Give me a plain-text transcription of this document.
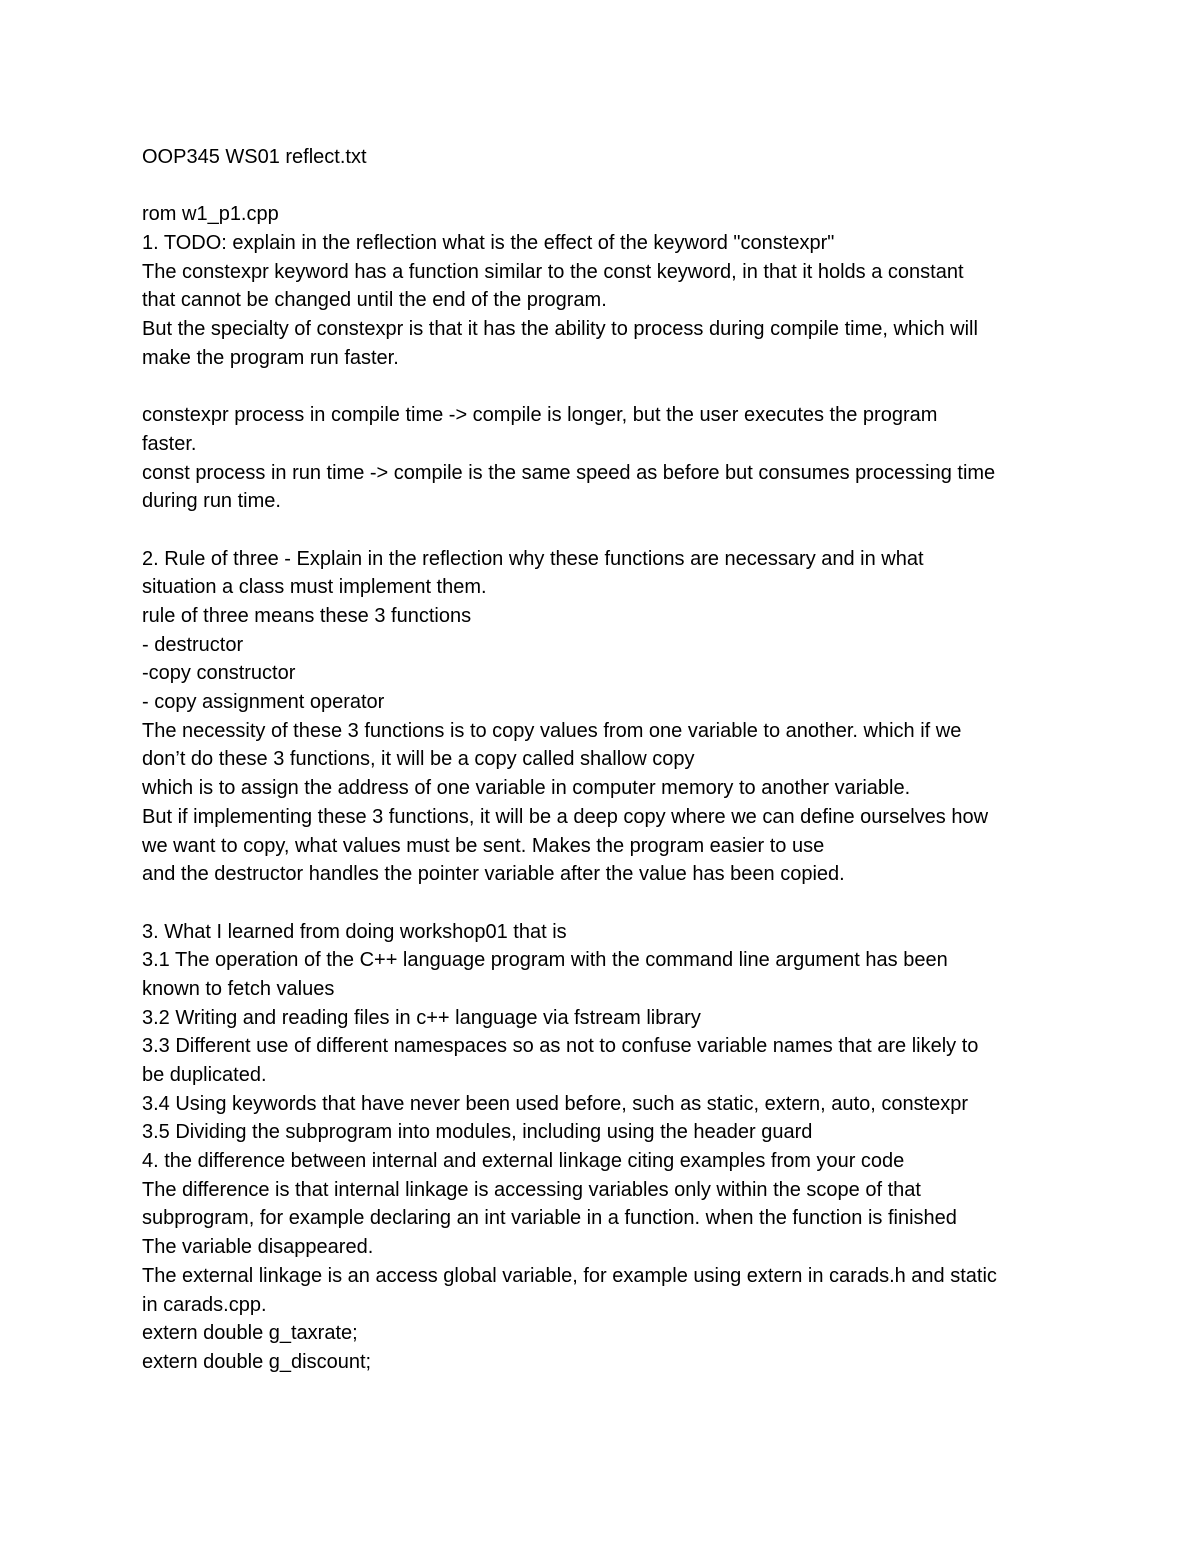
OOP345 WS01 reflect.txt
rom w1_p1.cpp
1. TODO: explain in the reflection what is the effect of the keyword "constexpr"
The constexpr keyword has a function similar to the const keyword, in that it holds a constant
that cannot be changed until the end of the program.
But the specialty of constexpr is that it has the ability to process during compile time, which will
make the program run faster.
constexpr process in compile time -> compile is longer, but the user executes the program
faster.
const process in run time -> compile is the same speed as before but consumes processing time
during run time.
2. Rule of three - Explain in the reflection why these functions are necessary and in what
situation a class must implement them.
rule of three means these 3 functions
- destructor
-copy constructor
- copy assignment operator
The necessity of these 3 functions is to copy values from one variable to another. which if we
don’t do these 3 functions, it will be a copy called shallow copy
which is to assign the address of one variable in computer memory to another variable.
But if implementing these 3 functions, it will be a deep copy where we can define ourselves how
we want to copy, what values must be sent. Makes the program easier to use
and the destructor handles the pointer variable after the value has been copied.
3. What I learned from doing workshop01 that is
3.1 The operation of the C++ language program with the command line argument has been
known to fetch values
3.2 Writing and reading files in c++ language via fstream library
3.3 Different use of different namespaces so as not to confuse variable names that are likely to
be duplicated.
3.4 Using keywords that have never been used before, such as static, extern, auto, constexpr
3.5 Dividing the subprogram into modules, including using the header guard
4. the difference between internal and external linkage citing examples from your code
The difference is that internal linkage is accessing variables only within the scope of that
subprogram, for example declaring an int variable in a function. when the function is finished
The variable disappeared.
The external linkage is an access global variable, for example using extern in carads.h and static
in carads.cpp.
extern double g_taxrate;
extern double g_discount;
